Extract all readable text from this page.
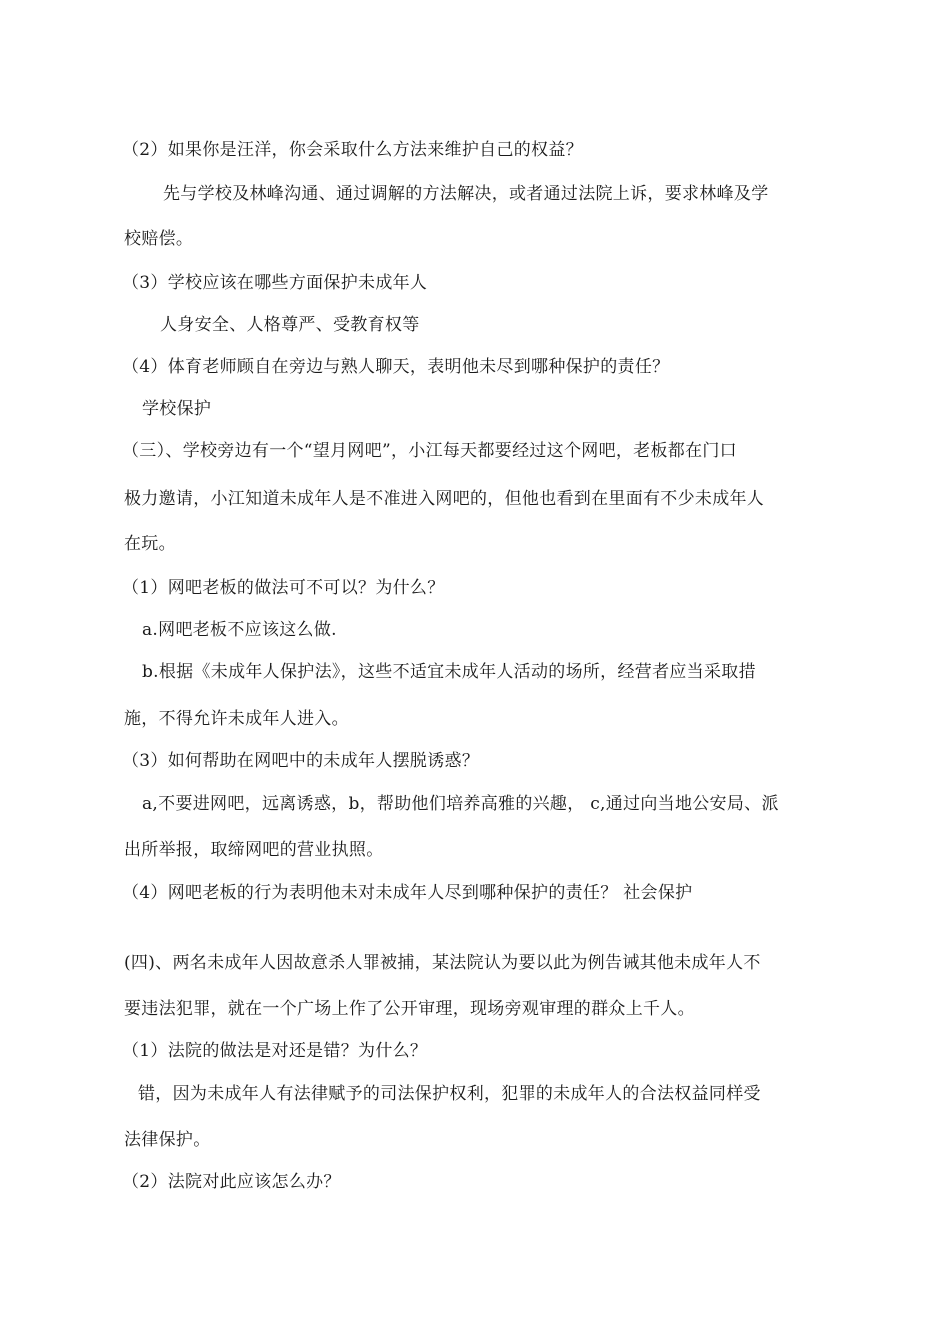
（2）如果你是汪洋，你会采取什么方法来维护自己的权益？
先与学校及林峰沟通、通过调解的方法解决，或者通过法院上诉，要求林峰及学
校赔偿。
（3）学校应该在哪些方面保护未成年人
人身安全、人格尊严、受教育权等
（4）体育老师顾自在旁边与熟人聊天，表明他未尽到哪种保护的责任？
学校保护
（三）、学校旁边有一个“望月网吧”，小江每天都要经过这个网吧，老板都在门口
极力邀请，小江知道未成年人是不准进入网吧的，但他也看到在里面有不少未成年人
在玩。
（1）网吧老板的做法可不可以？为什么？
a.网吧老板不应该这么做.
b.根据《未成年人保护法》，这些不适宜未成年人活动的场所，经营者应当采取措
施，不得允许未成年人进入。
（3）如何帮助在网吧中的未成年人摆脱诱惑？
a,不要进网吧，远离诱惑，b，帮助他们培养高雅的兴趣， c,通过向当地公安局、派
出所举报，取缔网吧的营业执照。
（4）网吧老板的行为表明他未对未成年人尽到哪种保护的责任？ 社会保护
(四)、两名未成年人因故意杀人罪被捕，某法院认为要以此为例告诫其他未成年人不
要违法犯罪，就在一个广场上作了公开审理，现场旁观审理的群众上千人。
（1）法院的做法是对还是错？为什么？
错，因为未成年人有法律赋予的司法保护权利，犯罪的未成年人的合法权益同样受
法律保护。
（2）法院对此应该怎么办？
